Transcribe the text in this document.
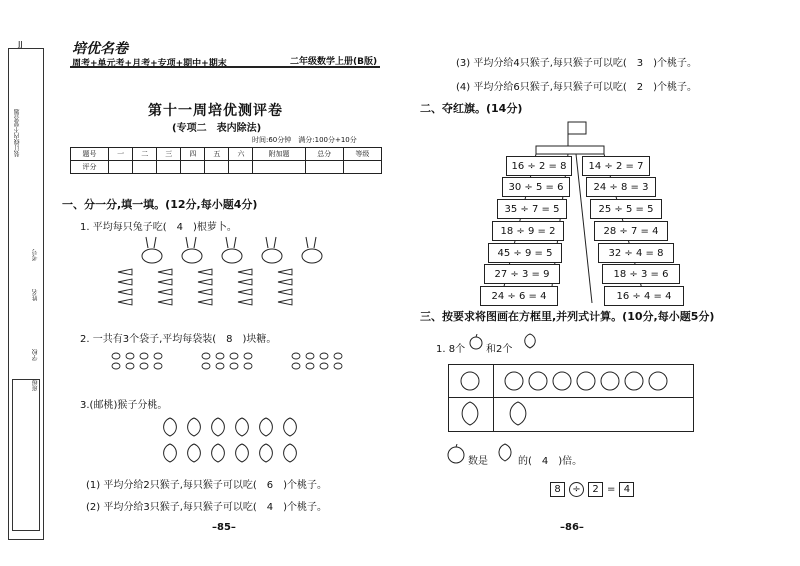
JJ
装订线内不要答题
学校
班级
姓名
考号
培优名卷
周考+单元考+月考+专项+期中+期末	二年级数学上册(B版)
第十一周培优测评卷
(专项二　表内除法)
时间:60分钟　满分:100分+10分
题号	一	二	三	四	五	六	附加题	总分	等级
评分									
一、分一分,填一填。(12分,每小题4分)
1. 平均每只兔子吃(　4　)根萝卜。
2. 一共有3个袋子,平均每袋装(　8　)块糖。
3.(邮桃)猴子分桃。
(1) 平均分给2只猴子,每只猴子可以吃(　6　)个桃子。
(2) 平均分给3只猴子,每只猴子可以吃(　4　)个桃子。
–85–
(3) 平均分给4只猴子,每只猴子可以吃(　3　)个桃子。
(4) 平均分给6只猴子,每只猴子可以吃(　2　)个桃子。
二、夺红旗。(14分)
16 ÷ 2 = 8
30 ÷ 5 = 6
35 ÷ 7 = 5
18 ÷ 9 = 2
45 ÷ 9 = 5
27 ÷ 3 = 9
24 ÷ 6 = 4
14 ÷ 2 = 7
24 ÷ 8 = 3
25 ÷ 5 = 5
28 ÷ 7 = 4
32 ÷ 4 = 8
18 ÷ 3 = 6
16 ÷ 4 = 4
三、按要求将图画在方框里,并列式计算。(10分,每小题5分)
1. 8个 和2个
数是	的(　4　)倍。
8	÷	2 = 4
–86–
